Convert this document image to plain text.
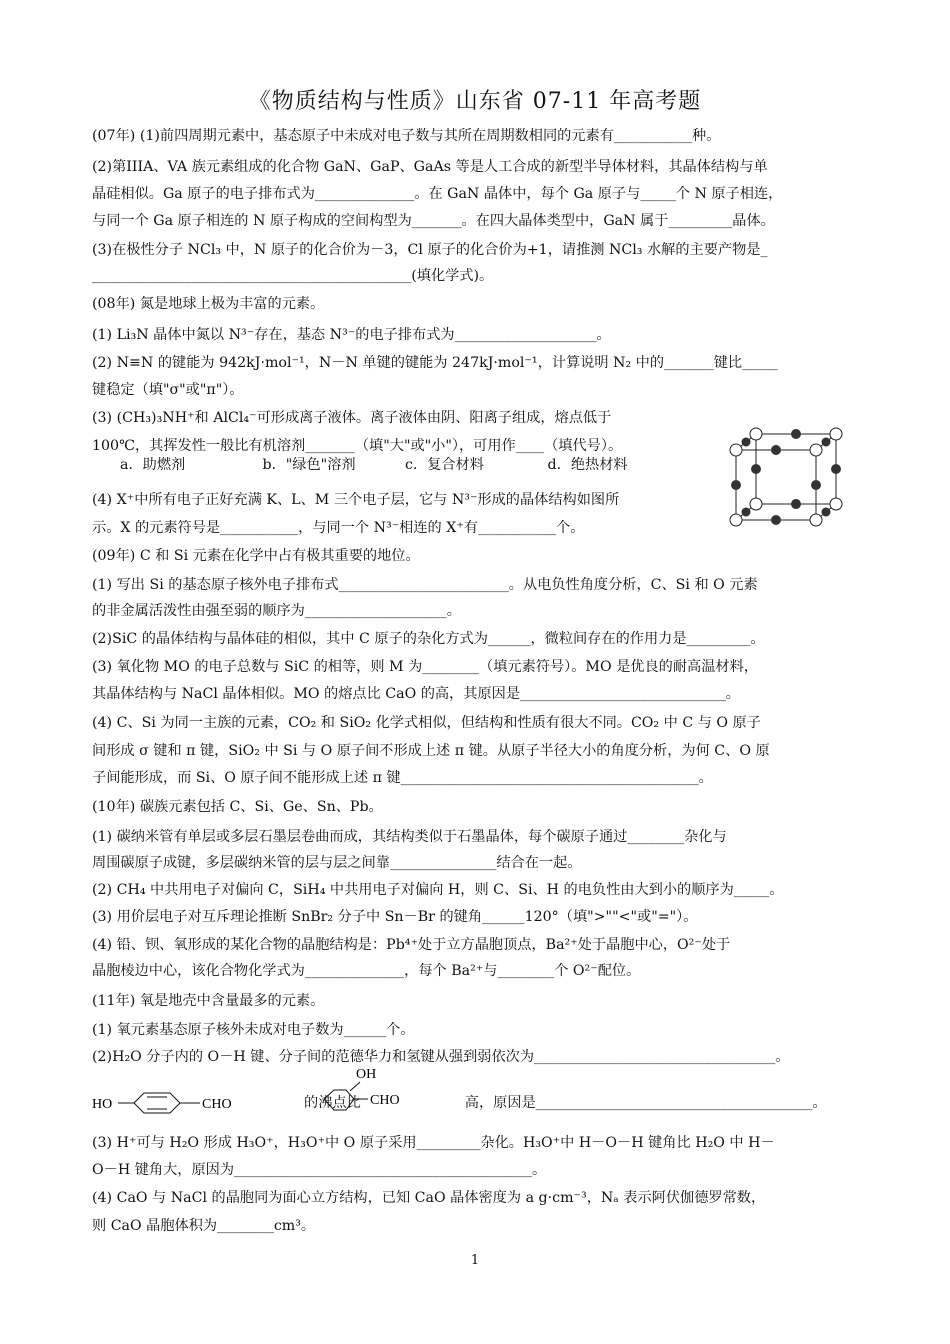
《物质结构与性质》山东省 07-11 年高考题
(07年) (1)前四周期元素中，基态原子中未成对电子数与其所在周期数相同的元素有___________种。
(2)第IIIA、VA 族元素组成的化合物 GaN、GaP、GaAs 等是人工合成的新型半导体材料，其晶体结构与单
晶硅相似。Ga 原子的电子排布式为______________。在 GaN 晶体中，每个 Ga 原子与_____个 N 原子相连，
与同一个 Ga 原子相连的 N 原子构成的空间构型为_______。在四大晶体类型中，GaN 属于_________晶体。
(3)在极性分子 NCl₃ 中，N 原子的化合价为－3，Cl 原子的化合价为+1，请推测 NCl₃ 水解的主要产物是_
_____________________________________________(填化学式)。
(08年) 氮是地球上极为丰富的元素。
(1) Li₃N 晶体中氮以 N³⁻存在，基态 N³⁻的电子排布式为____________________。
(2) N≡N 的键能为 942kJ·mol⁻¹，N－N 单键的键能为 247kJ·mol⁻¹，计算说明 N₂ 中的_______键比_____
键稳定（填"σ"或"π"）。
(3) (CH₃)₃NH⁺和 AlCl₄⁻可形成离子液体。离子液体由阴、阳离子组成，熔点低于
100℃，其挥发性一般比有机溶剂_______（填"大"或"小"），可用作____（填代号）。
(4) X⁺中所有电子正好充满 K、L、M 三个电子层，它与 N³⁻形成的晶体结构如图所
示。X 的元素符号是___________，与同一个 N³⁻相连的 X⁺有___________个。
(09年) C 和 Si 元素在化学中占有极其重要的地位。
(1) 写出 Si 的基态原子核外电子排布式________________________。从电负性角度分析，C、Si 和 O 元素
的非金属活泼性由强至弱的顺序为____________________。
(2)SiC 的晶体结构与晶体硅的相似，其中 C 原子的杂化方式为______，微粒间存在的作用力是_________。
(3) 氧化物 MO 的电子总数与 SiC 的相等，则 M 为________（填元素符号）。MO 是优良的耐高温材料，
其晶体结构与 NaCl 晶体相似。MO 的熔点比 CaO 的高，其原因是_____________________________。
(4) C、Si 为同一主族的元素，CO₂ 和 SiO₂ 化学式相似，但结构和性质有很大不同。CO₂ 中 C 与 O 原子
间形成 σ 键和 π 键，SiO₂ 中 Si 与 O 原子间不形成上述 π 键。从原子半径大小的角度分析，为何 C、O 原
子间能形成，而 Si、O 原子间不能形成上述 π 键__________________________________________。
(10年) 碳族元素包括 C、Si、Ge、Sn、Pb。
(1) 碳纳米管有单层或多层石墨层卷曲而成，其结构类似于石墨晶体，每个碳原子通过________杂化与
周围碳原子成键，多层碳纳米管的层与层之间靠_______________结合在一起。
(2) CH₄ 中共用电子对偏向 C，SiH₄ 中共用电子对偏向 H，则 C、Si、H 的电负性由大到小的顺序为_____。
(3) 用价层电子对互斥理论推断 SnBr₂ 分子中 Sn－Br 的键角______120°（填">""<"或"="）。
(4) 铅、钡、氧形成的某化合物的晶胞结构是：Pb⁴⁺处于立方晶胞顶点，Ba²⁺处于晶胞中心，O²⁻处于
晶胞棱边中心，该化合物化学式为______________，每个 Ba²⁺与________个 O²⁻配位。
(11年) 氧是地壳中含量最多的元素。
(1) 氧元素基态原子核外未成对电子数为______个。
(2)H₂O 分子内的 O－H 键、分子间的范德华力和氢键从强到弱依次为__________________________________。
(3) H⁺可与 H₂O 形成 H₃O⁺，H₃O⁺中 O 原子采用_________杂化。H₃O⁺中 H－O－H 键角比 H₂O 中 H－
O－H 键角大，原因为__________________________________________。
(4) CaO 与 NaCl 的晶胞同为面心立方结构，已知 CaO 晶体密度为 a g·cm⁻³，Nₐ 表示阿伏伽德罗常数，
则 CaO 晶胞体积为________cm³。
a．助燃剂	b．"绿色"溶剂	c．复合材料	d．绝热材料
的沸点比	高，原因是_______________________________________。
HO	CHO
OH
CHO
1
